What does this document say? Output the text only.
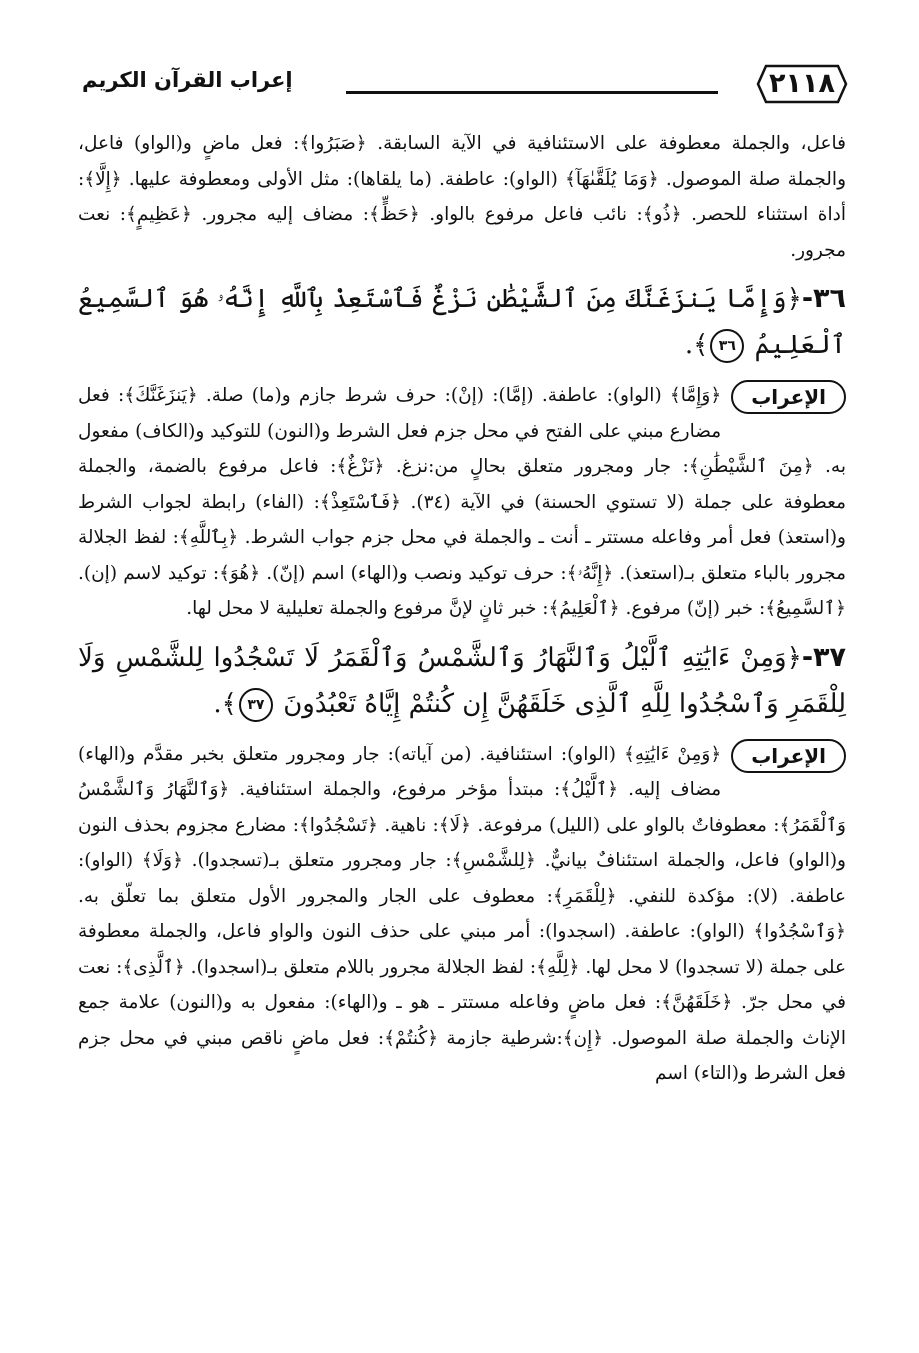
٢١١٨
إعراب القرآن الكريم

فاعل، والجملة معطوفة على الاستئنافية في الآية السابقة. ﴿صَبَرُوا﴾: فعل ماضٍ و(الواو) فاعل، والجملة صلة الموصول. ﴿وَمَا يُلَقَّىٰهَآ﴾ (الواو): عاطفة. (ما يلقاها): مثل الأولى ومعطوفة عليها. ﴿إِلَّا﴾: أداة استثناء للحصر. ﴿ذُو﴾: نائب فاعل مرفوع بالواو. ﴿حَظٍّ﴾: مضاف إليه مجرور. ﴿عَظِيمٍ﴾: نعت مجرور.

٣٦-﴿وَإِمَّا يَنزَغَنَّكَ مِنَ ٱلشَّيْطَٰنِ نَزْغٌ فَٱسْتَعِذْ بِٱللَّهِ إِنَّهُۥ هُوَ ٱلسَّمِيعُ ٱلْعَلِيمُ ٣٦﴾.
الإعراب

﴿وَإِمَّا﴾ (الواو): عاطفة. (إمَّا): (إنْ): حرف شرط جازم و(ما) صلة. ﴿يَنزَغَنَّكَ﴾: فعل مضارع مبني على الفتح في محل جزم فعل الشرط و(النون) للتوكيد و(الكاف) مفعول به. ﴿مِنَ ٱلشَّيْطَٰنِ﴾: جار ومجرور متعلق بحالٍ من:نزغ. ﴿نَزْغٌ﴾: فاعل مرفوع بالضمة، والجملة معطوفة على جملة (لا تستوي الحسنة) في الآية (٣٤). ﴿فَٱسْتَعِذْ﴾: (الفاء) رابطة لجواب الشرط و(استعذ) فعل أمر وفاعله مستتر ـ أنت ـ والجملة في محل جزم جواب الشرط. ﴿بِٱللَّهِ﴾: لفظ الجلالة مجرور بالباء متعلق بـ(استعذ). ﴿إِنَّهُۥ﴾: حرف توكيد ونصب و(الهاء) اسم (إنّ). ﴿هُوَ﴾: توكيد لاسم (إن). ﴿ٱلسَّمِيعُ﴾: خبر (إنّ) مرفوع. ﴿ٱلْعَلِيمُ﴾: خبر ثانٍ لإنَّ مرفوع والجملة تعليلية لا محل لها.

٣٧-﴿وَمِنْ ءَايَٰتِهِ ٱلَّيْلُ وَٱلنَّهَارُ وَٱلشَّمْسُ وَٱلْقَمَرُ لَا تَسْجُدُوا لِلشَّمْسِ وَلَا لِلْقَمَرِ وَٱسْجُدُوا لِلَّهِ ٱلَّذِى خَلَقَهُنَّ إِن كُنتُمْ إِيَّاهُ تَعْبُدُونَ ٣٧﴾.
الإعراب

﴿وَمِنْ ءَايَٰتِهِ﴾ (الواو): استئنافية. (من آياته): جار ومجرور متعلق بخبر مقدَّم و(الهاء) مضاف إليه. ﴿ٱلَّيْلُ﴾: مبتدأ مؤخر مرفوع، والجملة استئنافية. ﴿وَٱلنَّهَارُ وَٱلشَّمْسُ وَٱلْقَمَرُ﴾: معطوفاتٌ بالواو على (الليل) مرفوعة. ﴿لَا﴾: ناهية. ﴿تَسْجُدُوا﴾: مضارع مجزوم بحذف النون و(الواو) فاعل، والجملة استئنافٌ بيانيٌّ. ﴿لِلشَّمْسِ﴾: جار ومجرور متعلق بـ(تسجدوا). ﴿وَلَا﴾ (الواو): عاطفة. (لا): مؤكدة للنفي. ﴿لِلْقَمَرِ﴾: معطوف على الجار والمجرور الأول متعلق بما تعلّق به. ﴿وَٱسْجُدُوا﴾ (الواو): عاطفة. (اسجدوا): أمر مبني على حذف النون والواو فاعل، والجملة معطوفة على جملة (لا تسجدوا) لا محل لها. ﴿لِلَّهِ﴾: لفظ الجلالة مجرور باللام متعلق بـ(اسجدوا). ﴿ٱلَّذِى﴾: نعت في محل جرّ. ﴿خَلَقَهُنَّ﴾: فعل ماضٍ وفاعله مستتر ـ هو ـ و(الهاء): مفعول به و(النون) علامة جمع الإناث والجملة صلة الموصول. ﴿إِن﴾:شرطية جازمة ﴿كُنتُمْ﴾: فعل ماضٍ ناقص مبني في محل جزم فعل الشرط و(التاء) اسم
